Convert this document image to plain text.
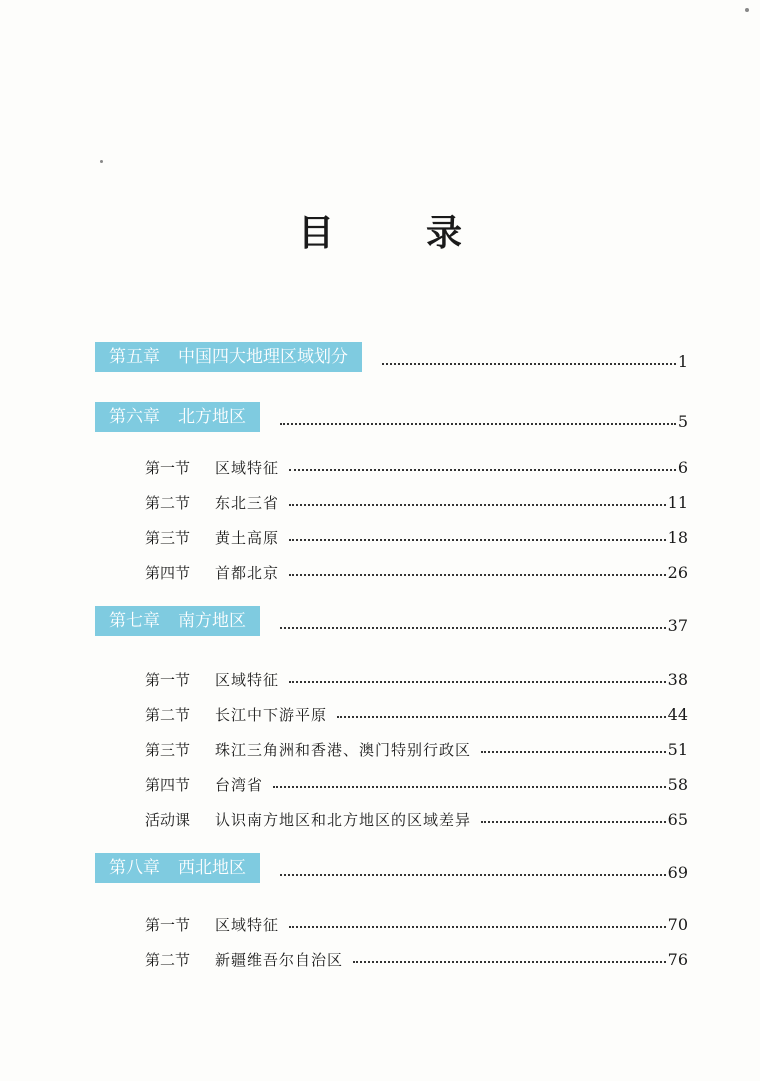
目　录
第五章 中国四大地理区域划分	1
第六章 北方地区	5
第一节	区域特征	6
第二节	东北三省	11
第三节	黄土高原	18
第四节	首都北京	26
第七章 南方地区	37
第一节	区域特征	38
第二节	长江中下游平原	44
第三节	珠江三角洲和香港、澳门特别行政区	51
第四节	台湾省	58
活动课	认识南方地区和北方地区的区域差异	65
第八章 西北地区	69
第一节	区域特征	70
第二节	新疆维吾尔自治区	76
